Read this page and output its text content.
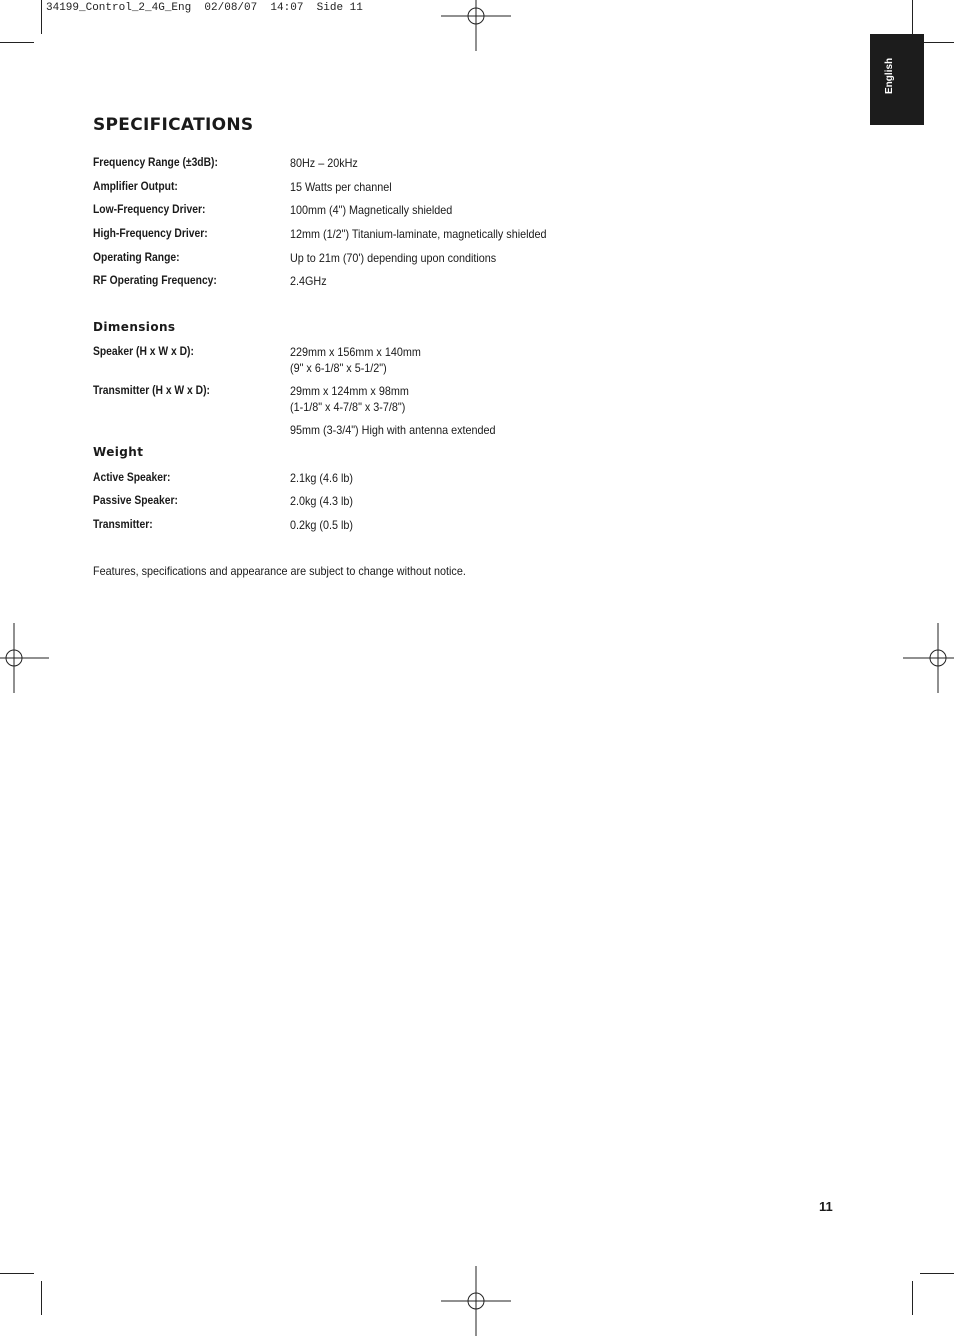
34199_Control_2_4G_Eng  02/08/07  14:07  Side 11
English
SPECIFICATIONS
Frequency Range (±3dB):	80Hz – 20kHz
Amplifier Output:	15 Watts per channel
Low-Frequency Driver:	100mm (4") Magnetically shielded
High-Frequency Driver:	12mm (1/2") Titanium-laminate, magnetically shielded
Operating Range:	Up to 21m (70') depending upon conditions
RF Operating Frequency:	2.4GHz
Dimensions
Speaker (H x W x D):	229mm x 156mm x 140mm
(9" x 6-1/8" x 5-1/2")
Transmitter (H x W x D):	29mm x 124mm x 98mm
(1-1/8" x 4-7/8" x 3-7/8")
95mm (3-3/4") High with antenna extended
Weight
Active Speaker:	2.1kg (4.6 lb)
Passive Speaker:	2.0kg (4.3 lb)
Transmitter:	0.2kg (0.5 lb)
Features, specifications and appearance are subject to change without notice.
11
